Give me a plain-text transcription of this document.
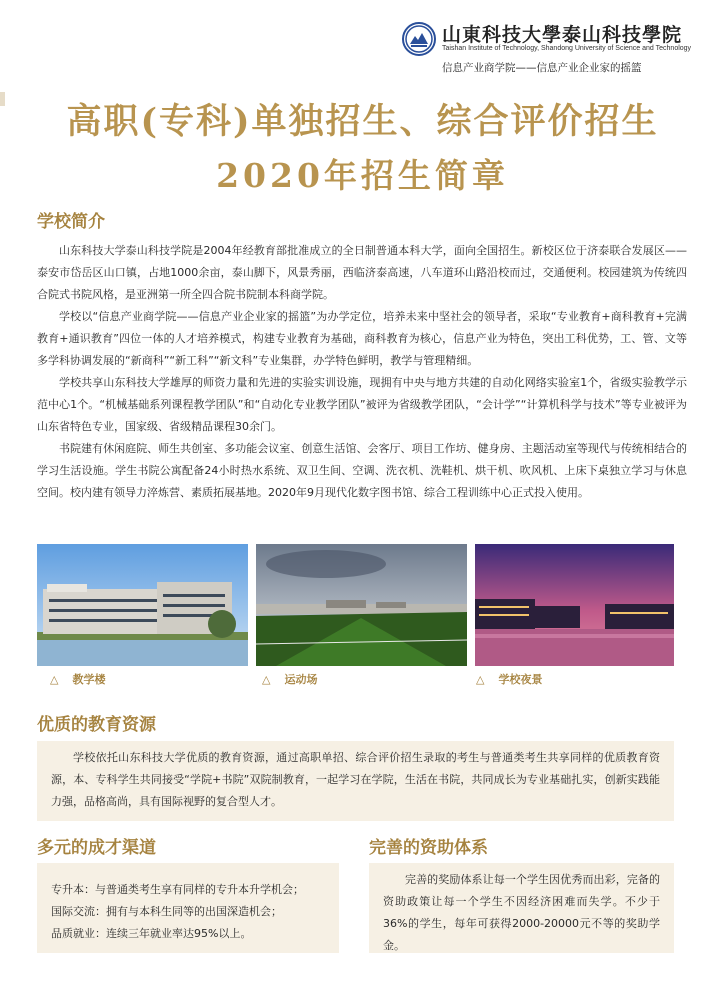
山東科技大學泰山科技學院
Taishan Institute of Technology, Shandong University of Science and Technology
信息产业商学院——信息产业企业家的摇篮
高职(专科)单独招生、综合评价招生
2020年招生简章
学校简介

山东科技大学泰山科技学院是2004年经教育部批准成立的全日制普通本科大学，面向全国招生。新校区位于济泰联合发展区——泰安市岱岳区山口镇，占地1000余亩，泰山脚下，风景秀丽，西临济泰高速，八车道环山路沿校而过，交通便利。校园建筑为传统四合院式书院风格，是亚洲第一所全四合院书院制本科商学院。

学校以“信息产业商学院——信息产业企业家的摇篮”为办学定位，培养未来中坚社会的领导者，采取“专业教育+商科教育+完满教育+通识教育”四位一体的人才培养模式，构建专业教育为基础，商科教育为核心，信息产业为特色，突出工科优势，工、管、文等多学科协调发展的“新商科”“新工科”“新文科”专业集群，办学特色鲜明，教学与管理精细。

学校共享山东科技大学雄厚的师资力量和先进的实验实训设施，现拥有中央与地方共建的自动化网络实验室1个，省级实验教学示范中心1个。“机械基础系列课程教学团队”和“自动化专业教学团队”被评为省级教学团队，“会计学”“计算机科学与技术”等专业被评为山东省特色专业，国家级、省级精品课程30余门。

书院建有休闲庭院、师生共创室、多功能会议室、创意生活馆、会客厅、项目工作坊、健身房、主题活动室等现代与传统相结合的学习生活设施。学生书院公寓配备24小时热水系统、双卫生间、空调、洗衣机、洗鞋机、烘干机、吹风机、上床下桌独立学习与休息空间。校内建有领导力淬炼营、素质拓展基地。2020年9月现代化数字图书馆、综合工程训练中心正式投入使用。

△ 教学楼	△ 运动场	△ 学校夜景
优质的教育资源

学校依托山东科技大学优质的教育资源，通过高职单招、综合评价招生录取的考生与普通类考生共享同样的优质教育资源，本、专科学生共同接受“学院+书院”双院制教育，一起学习在学院，生活在书院，共同成长为专业基础扎实，创新实践能力强，品格高尚，具有国际视野的复合型人才。

多元的成才渠道

专升本：与普通类考生享有同样的专升本升学机会；

国际交流：拥有与本科生同等的出国深造机会；

品质就业：连续三年就业率达95%以上。

完善的资助体系

完善的奖励体系让每一个学生因优秀而出彩，完备的资助政策让每一个学生不因经济困难而失学。不少于36%的学生，每年可获得2000-20000元不等的奖助学金。
